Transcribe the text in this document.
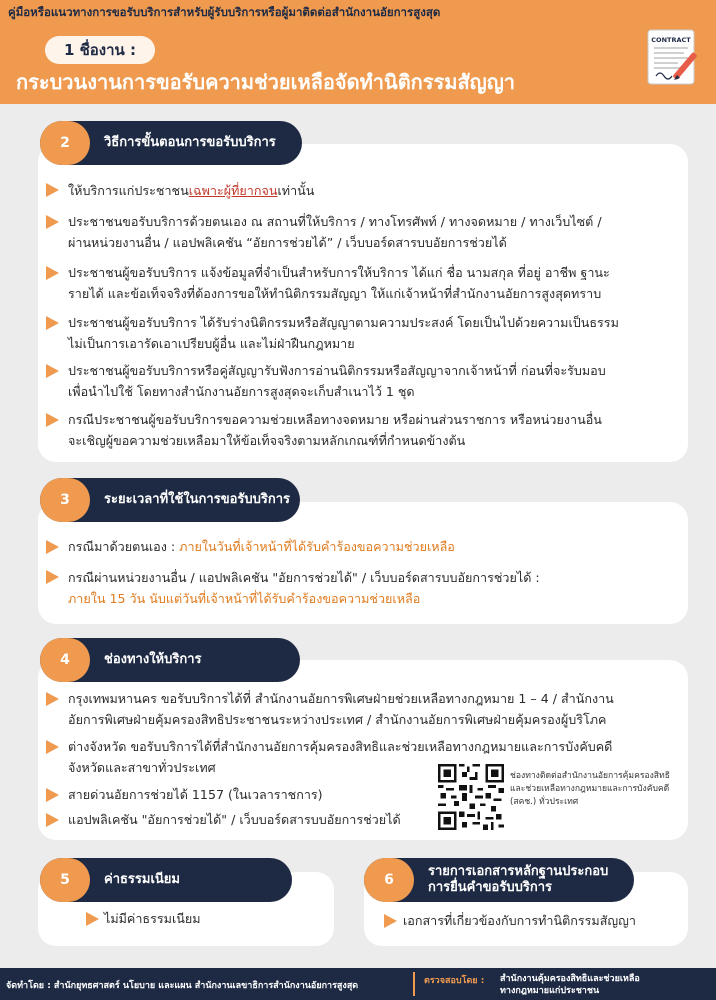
คู่มือหรือแนวทางการขอรับบริการสำหรับผู้รับบริการหรือผู้มาติดต่อสำนักงานอัยการสูงสุด
1 ชื่องาน :
กระบวนงานการขอรับความช่วยเหลือจัดทำนิติกรรมสัญญา
CONTRACT
2	วิธีการขั้นตอนการขอรับบริการ
ให้บริการแก่ประชาชนเฉพาะผู้ที่ยากจนเท่านั้น
ประชาชนขอรับบริการด้วยตนเอง ณ สถานที่ให้บริการ / ทางโทรศัพท์ / ทางจดหมาย / ทางเว็บไซต์ /
ผ่านหน่วยงานอื่น / แอปพลิเคชัน “อัยการช่วยได้” / เว็บบอร์ดสารบบอัยการช่วยได้
ประชาชนผู้ขอรับบริการ แจ้งข้อมูลที่จำเป็นสำหรับการให้บริการ ได้แก่ ชื่อ นามสกุล ที่อยู่ อาชีพ ฐานะ
รายได้ และข้อเท็จจริงที่ต้องการขอให้ทำนิติกรรมสัญญา ให้แก่เจ้าหน้าที่สำนักงานอัยการสูงสุดทราบ
ประชาชนผู้ขอรับบริการ ได้รับร่างนิติกรรมหรือสัญญาตามความประสงค์ โดยเป็นไปด้วยความเป็นธรรม
ไม่เป็นการเอารัดเอาเปรียบผู้อื่น และไม่ฝ่าฝืนกฎหมาย
ประชาชนผู้ขอรับบริการหรือคู่สัญญารับฟังการอ่านนิติกรรมหรือสัญญาจากเจ้าหน้าที่ ก่อนที่จะรับมอบ
เพื่อนำไปใช้ โดยทางสำนักงานอัยการสูงสุดจะเก็บสำเนาไว้ 1 ชุด
กรณีประชาชนผู้ขอรับบริการขอความช่วยเหลือทางจดหมาย หรือผ่านส่วนราชการ หรือหน่วยงานอื่น
จะเชิญผู้ขอความช่วยเหลือมาให้ข้อเท็จจริงตามหลักเกณฑ์ที่กำหนดข้างต้น
3	ระยะเวลาที่ใช้ในการขอรับบริการ
กรณีมาด้วยตนเอง : ภายในวันที่เจ้าหน้าที่ได้รับคำร้องขอความช่วยเหลือ
กรณีผ่านหน่วยงานอื่น / แอปพลิเคชัน "อัยการช่วยได้" / เว็บบอร์ดสารบบอัยการช่วยได้ :
ภายใน 15 วัน นับแต่วันที่เจ้าหน้าที่ได้รับคำร้องขอความช่วยเหลือ
4	ช่องทางให้บริการ
กรุงเทพมหานคร ขอรับบริการได้ที่ สำนักงานอัยการพิเศษฝ่ายช่วยเหลือทางกฎหมาย 1 – 4 / สำนักงาน
อัยการพิเศษฝ่ายคุ้มครองสิทธิประชาชนระหว่างประเทศ / สำนักงานอัยการพิเศษฝ่ายคุ้มครองผู้บริโภค
ต่างจังหวัด ขอรับบริการได้ที่สำนักงานอัยการคุ้มครองสิทธิและช่วยเหลือทางกฎหมายและการบังคับคดี
จังหวัดและสาขาทั่วประเทศ
สายด่วนอัยการช่วยได้ 1157 (ในเวลาราชการ)
แอปพลิเคชัน "อัยการช่วยได้" / เว็บบอร์ดสารบบอัยการช่วยได้
ช่องทางติดต่อสำนักงานอัยการคุ้มครองสิทธิ
และช่วยเหลือทางกฎหมายและการบังคับคดี
(สคช.) ทั่วประเทศ
5	ค่าธรรมเนียม
ไม่มีค่าธรรมเนียม
6
รายการเอกสารหลักฐานประกอบ
การยื่นคำขอรับบริการ
เอกสารที่เกี่ยวข้องกับการทำนิติกรรมสัญญา
จัดทำโดย : สำนักยุทธศาสตร์ นโยบาย และแผน สำนักงานเลขาธิการสำนักงานอัยการสูงสุด	ตรวจสอบโดย : สำนักงานคุ้มครองสิทธิและช่วยเหลือ
ทางกฎหมายแก่ประชาชน
